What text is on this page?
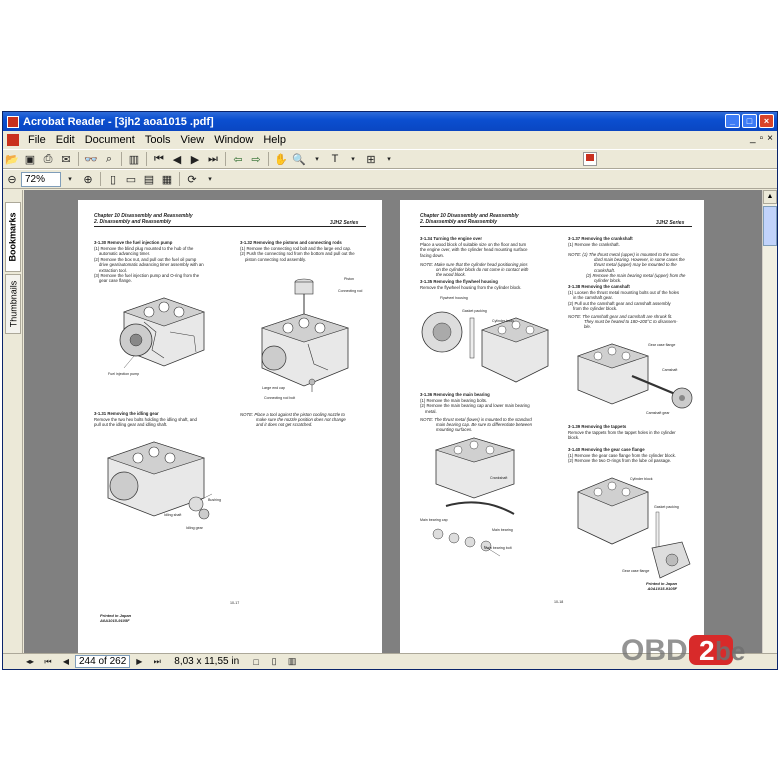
Acrobat Reader - [3jh2 aoa1015 .pdf]	_	□	×
File Edit Document Tools View Window Help	_ ▫ ×
📂 ▣ ⎙ ✉ 👓 ⌕	▥ ⏮ ◀ ▶ ⏭ ⇦ ⇨ ✋ 🔍	▾	T	▾	⊞	▾
⊖ 72%	▾	⊕	▯ ▭ ▤ ▦ ⟳	▾
Bookmarks
Thumbnails
Chapter 10 Disassembly and Reassembly
2. Disassembly and Reassembly	3JH2 Series
3-1.30 Remove the fuel injection pump
(1) Remove the blind plug mounted to the hub of the
automatic advancing timer.
(2) Remove the box nut, and pull out the fuel oil pump
drive gear/automatic advancing timer assembly with an
extraction tool.
(3) Remove the fuel injection pump and O-ring from the
gear case flange.
Fuel injection pump
3-1.32 Removing the pistons and connecting rods
(1) Remove the connecting rod bolt and the large end cap.
(2) Push the connecting rod from the bottom and pull out the
piston connecting rod assembly.
Piston
Connecting rod
Large end cap
Connecting rod bolt
NOTE: Place a tool against the piston cooling nozzle to
make sure the nozzle position does not change
and it does not get scratched.
3-1.31 Removing the idling gear
Remove the two hex bolts holding the idling shaft, and
pull out the idling gear and idling shaft.
Bushing
Idling shaft
Idling gear
10-17
Printed in Japan
A0A1015-9105F
Chapter 10 Disassembly and Reassembly
2. Disassembly and Reassembly	3JH2 Series
3-1.34 Turning the engine over
Place a wood block of suitable size on the floor and turn
the engine over, with the cylinder head mounting surface
facing down.
NOTE: Make sure that the cylinder head positioning pins
on the cylinder block do not come in contact with
the wood block.
3-1.35 Removing the flywheel housing
Remove the flywheel housing from the cylinder block.
Flywheel housing
Gasket packing
Cylinder body
3-1.36 Removing the main bearing
(1) Remove the main bearing bolts.
(2) Remove the main bearing cap and lower main bearing
metal.
NOTE: The thrust metal (lower) is mounted to the standard
main bearing cap. Be sure to differentiate between
mounting surfaces.
Crankshaft
Main bearing cap
Main bearing
Main bearing bolt
10-18
3-1.37 Removing the crankshaft
(1) Remove the crankshaft.
NOTE: (1) The thrust metal (upper) is mounted to the stan-
dard main bearing. However, in some cases the
thrust metal (upper) may be mounted to the
crankshaft.
(2) Remove the main bearing metal (upper) from the
cylinder block.
3-1.38 Removing the camshaft
(1) Loosen the thrust metal mounting bolts out of the holes
in the camshaft gear.
(2) Pull out the camshaft gear and camshaft assembly
from the cylinder block.
NOTE: The camshaft gear and camshaft are shrunk fit.
They must be heated to 180~200°C to disassem-
ble.
Gear case flange
Camshaft
Camshaft gear
3-1.39 Removing the tappets
Remove the tappets from the tappet holes in the cylinder
block.
3-1.40 Removing the gear case flange
(1) Remove the gear case flange from the cylinder block.
(2) Remove the two O-rings from the lube oil passage.
Cylinder block
Gasket packing
Gear case flange
Printed in Japan
A0A1015-9105F
▲
◂▸	⏮	◀ 244 of 262	▶	⏭	8,03 x 11,55 in	□	▯	▥	OBD 2 be
